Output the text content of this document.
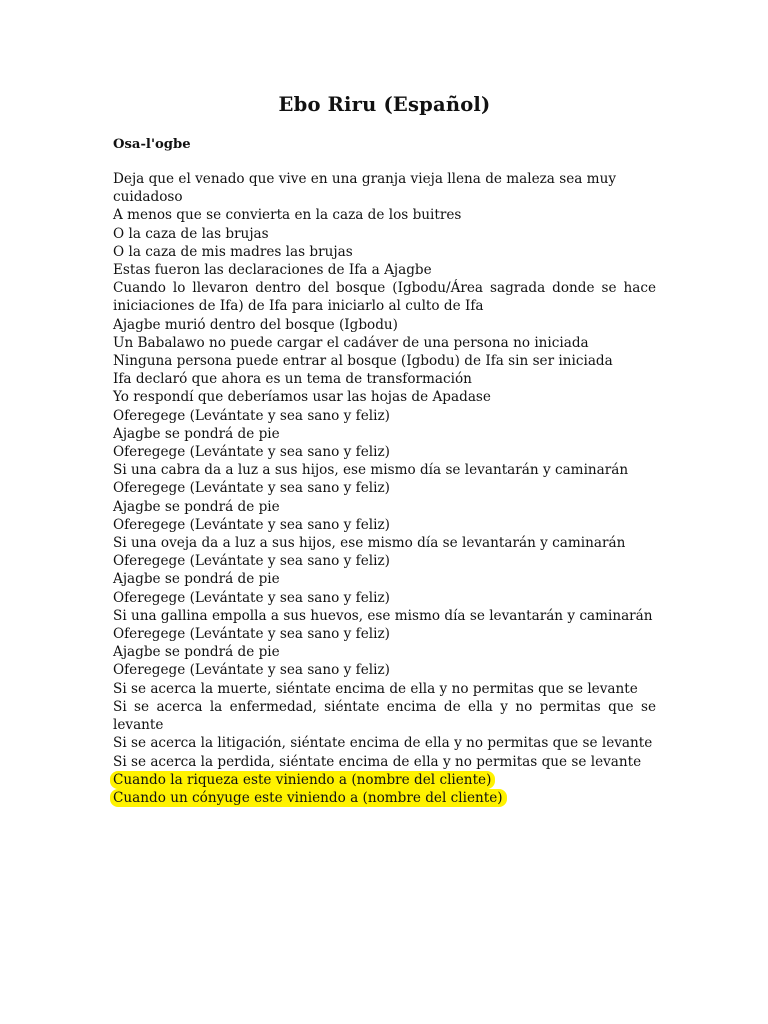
Ebo Riru (Español)

Osa-l'ogbe

Deja que el venado que vive en una granja vieja llena de maleza sea muy cuidadoso

A menos que se convierta en la caza de los buitres

O la caza de las brujas

O la caza de mis madres las brujas

Estas fueron las declaraciones de Ifa a Ajagbe

Cuando lo llevaron dentro del bosque (Igbodu/Área sagrada donde se hace iniciaciones de Ifa) de Ifa para iniciarlo al culto de Ifa

Ajagbe murió dentro del bosque (Igbodu)

Un Babalawo no puede cargar el cadáver de una persona no iniciada

Ninguna persona puede entrar al bosque (Igbodu) de Ifa sin ser iniciada

Ifa declaró que ahora es un tema de transformación

Yo respondí que deberíamos usar las hojas de Apadase

Oferegege (Levántate y sea sano y feliz)

Ajagbe se pondrá de pie

Oferegege (Levántate y sea sano y feliz)

Si una cabra da a luz a sus hijos, ese mismo día se levantarán y caminarán

Oferegege (Levántate y sea sano y feliz)

Ajagbe se pondrá de pie

Oferegege (Levántate y sea sano y feliz)

Si una oveja da a luz a sus hijos, ese mismo día se levantarán y caminarán

Oferegege (Levántate y sea sano y feliz)

Ajagbe se pondrá de pie

Oferegege (Levántate y sea sano y feliz)

Si una gallina empolla a sus huevos, ese mismo día se levantarán y caminarán

Oferegege (Levántate y sea sano y feliz)

Ajagbe se pondrá de pie

Oferegege (Levántate y sea sano y feliz)

Si se acerca la muerte, siéntate encima de ella y no permitas que se levante

Si se acerca la enfermedad, siéntate encima de ella y no permitas que se levante

Si se acerca la litigación, siéntate encima de ella y no permitas que se levante

Si se acerca la perdida, siéntate encima de ella y no permitas que se levante

Cuando la riqueza este viniendo a (nombre del cliente)

Cuando un cónyuge este viniendo a (nombre del cliente)
